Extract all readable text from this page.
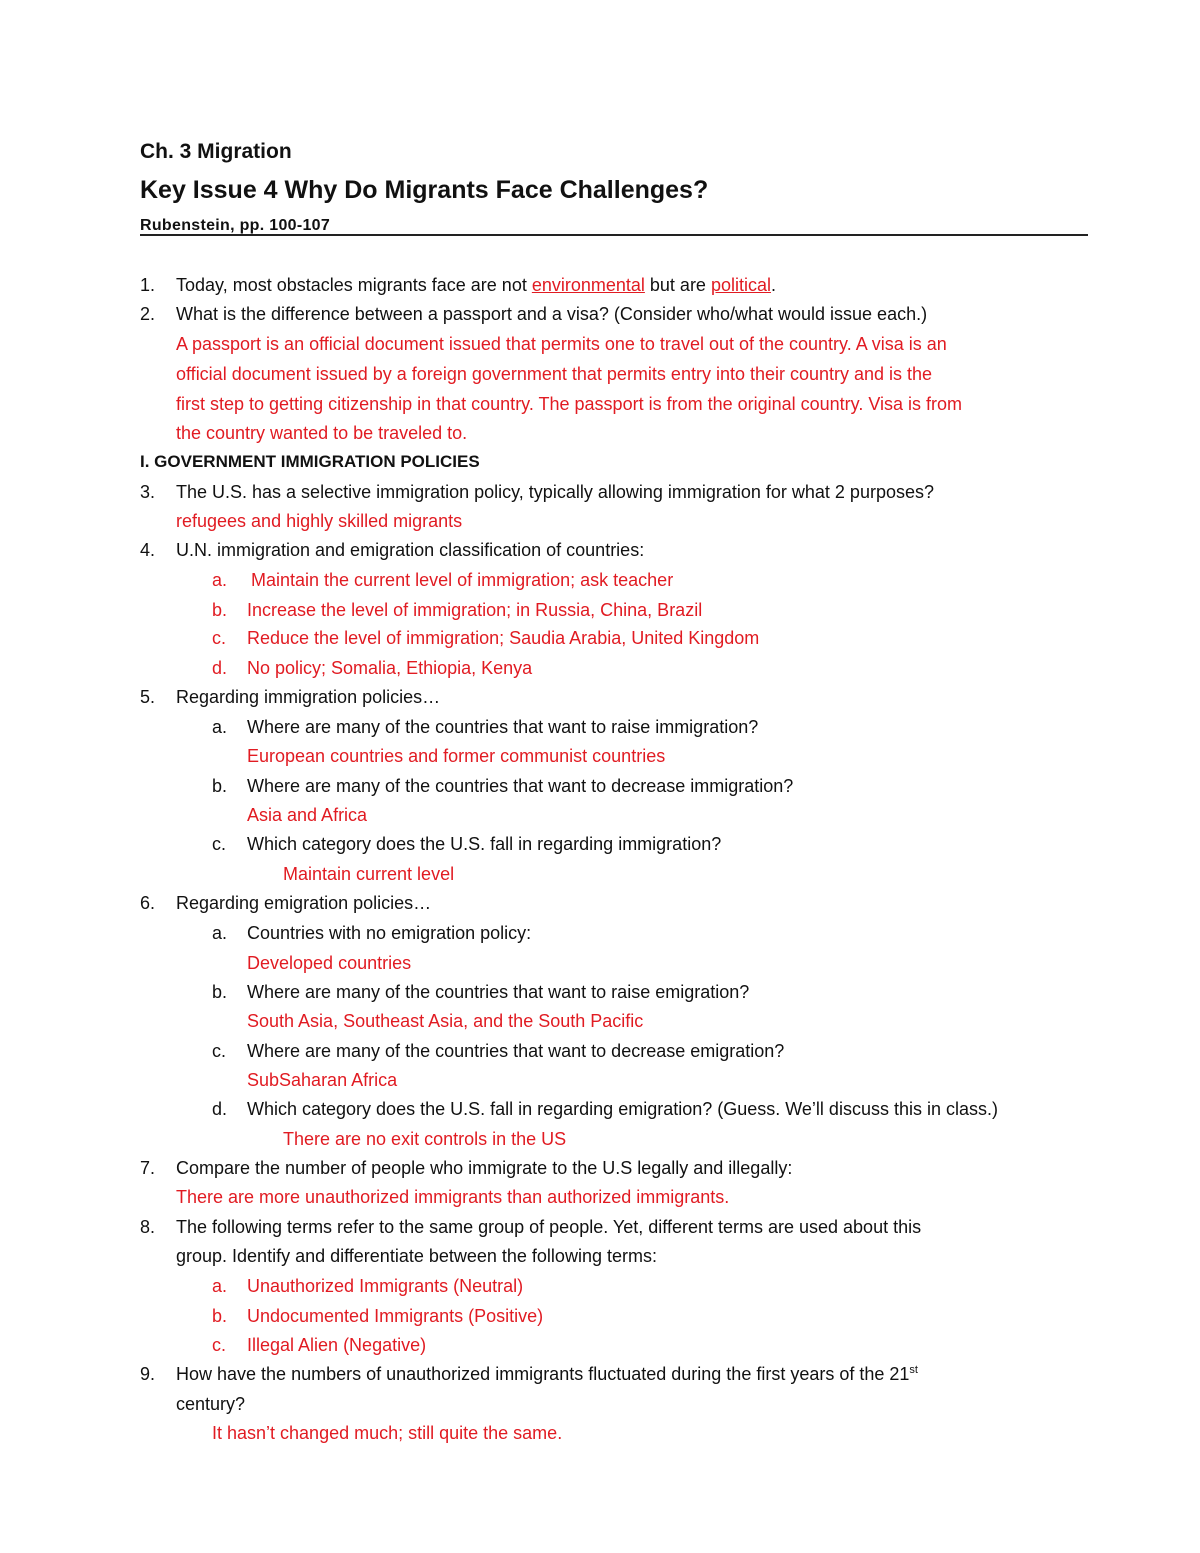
Ch. 3 Migration
Key Issue 4 Why Do Migrants Face Challenges?
Rubenstein, pp. 100-107
1. Today, most obstacles migrants face are not environmental but are political.
2. What is the difference between a passport and a visa? (Consider who/what would issue each.)
A passport is an official document issued that permits one to travel out of the country. A visa is an
official document issued by a foreign government that permits entry into their country and is the
first step to getting citizenship in that country. The passport is from the original country. Visa is from
the country wanted to be traveled to.
I. GOVERNMENT IMMIGRATION POLICIES
3. The U.S. has a selective immigration policy, typically allowing immigration for what 2 purposes?
refugees and highly skilled migrants
4. U.N. immigration and emigration classification of countries:
a. Maintain the current level of immigration; ask teacher
b. Increase the level of immigration; in Russia, China, Brazil
c. Reduce the level of immigration; Saudia Arabia, United Kingdom
d. No policy; Somalia, Ethiopia, Kenya
5. Regarding immigration policies…
a. Where are many of the countries that want to raise immigration?
European countries and former communist countries
b. Where are many of the countries that want to decrease immigration?
Asia and Africa
c. Which category does the U.S. fall in regarding immigration?
Maintain current level
6. Regarding emigration policies…
a. Countries with no emigration policy:
Developed countries
b. Where are many of the countries that want to raise emigration?
South Asia, Southeast Asia, and the South Pacific
c. Where are many of the countries that want to decrease emigration?
SubSaharan Africa
d. Which category does the U.S. fall in regarding emigration? (Guess. We’ll discuss this in class.)
There are no exit controls in the US
7. Compare the number of people who immigrate to the U.S legally and illegally:
There are more unauthorized immigrants than authorized immigrants.
8. The following terms refer to the same group of people. Yet, different terms are used about this
group. Identify and differentiate between the following terms:
a. Unauthorized Immigrants (Neutral)
b. Undocumented Immigrants (Positive)
c. Illegal Alien (Negative)
9. How have the numbers of unauthorized immigrants fluctuated during the first years of the 21st
century?
It hasn’t changed much; still quite the same.
